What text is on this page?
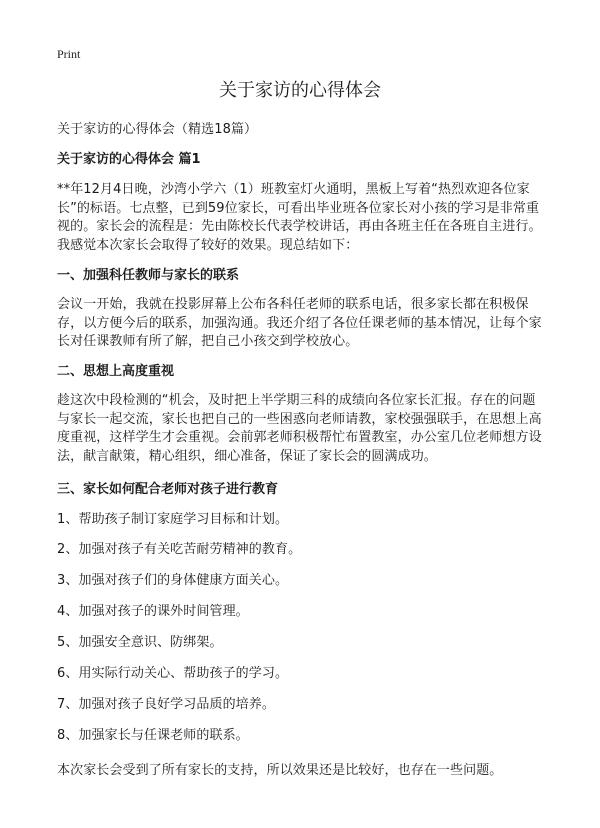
Print
关于家访的心得体会

关于家访的心得体会（精选18篇）

关于家访的心得体会 篇1

**年12月4日晚，沙湾小学六（1）班教室灯火通明，黑板上写着“热烈欢迎各位家长”的标语。七点整，已到59位家长，可看出毕业班各位家长对小孩的学习是非常重视的。家长会的流程是：先由陈校长代表学校讲话，再由各班主任在各班自主进行。我感觉本次家长会取得了较好的效果。现总结如下：

一、加强科任教师与家长的联系

会议一开始，我就在投影屏幕上公布各科任老师的联系电话，很多家长都在积极保存，以方便今后的联系，加强沟通。我还介绍了各位任课老师的基本情况，让每个家长对任课教师有所了解，把自己小孩交到学校放心。

二、思想上高度重视

趁这次中段检测的“机会，及时把上半学期三科的成绩向各位家长汇报。存在的问题与家长一起交流，家长也把自己的一些困惑向老师请教，家校强强联手，在思想上高度重视，这样学生才会重视。会前郭老师积极帮忙布置教室，办公室几位老师想方设法，献言献策，精心组织，细心准备，保证了家长会的圆满成功。

三、家长如何配合老师对孩子进行教育

1、帮助孩子制订家庭学习目标和计划。

2、加强对孩子有关吃苦耐劳精神的教育。

3、加强对孩子们的身体健康方面关心。

4、加强对孩子的课外时间管理。

5、加强安全意识、防绑架。

6、用实际行动关心、帮助孩子的学习。

7、加强对孩子良好学习品质的培养。

8、加强家长与任课老师的联系。

本次家长会受到了所有家长的支持，所以效果还是比较好，也存在一些问题。
